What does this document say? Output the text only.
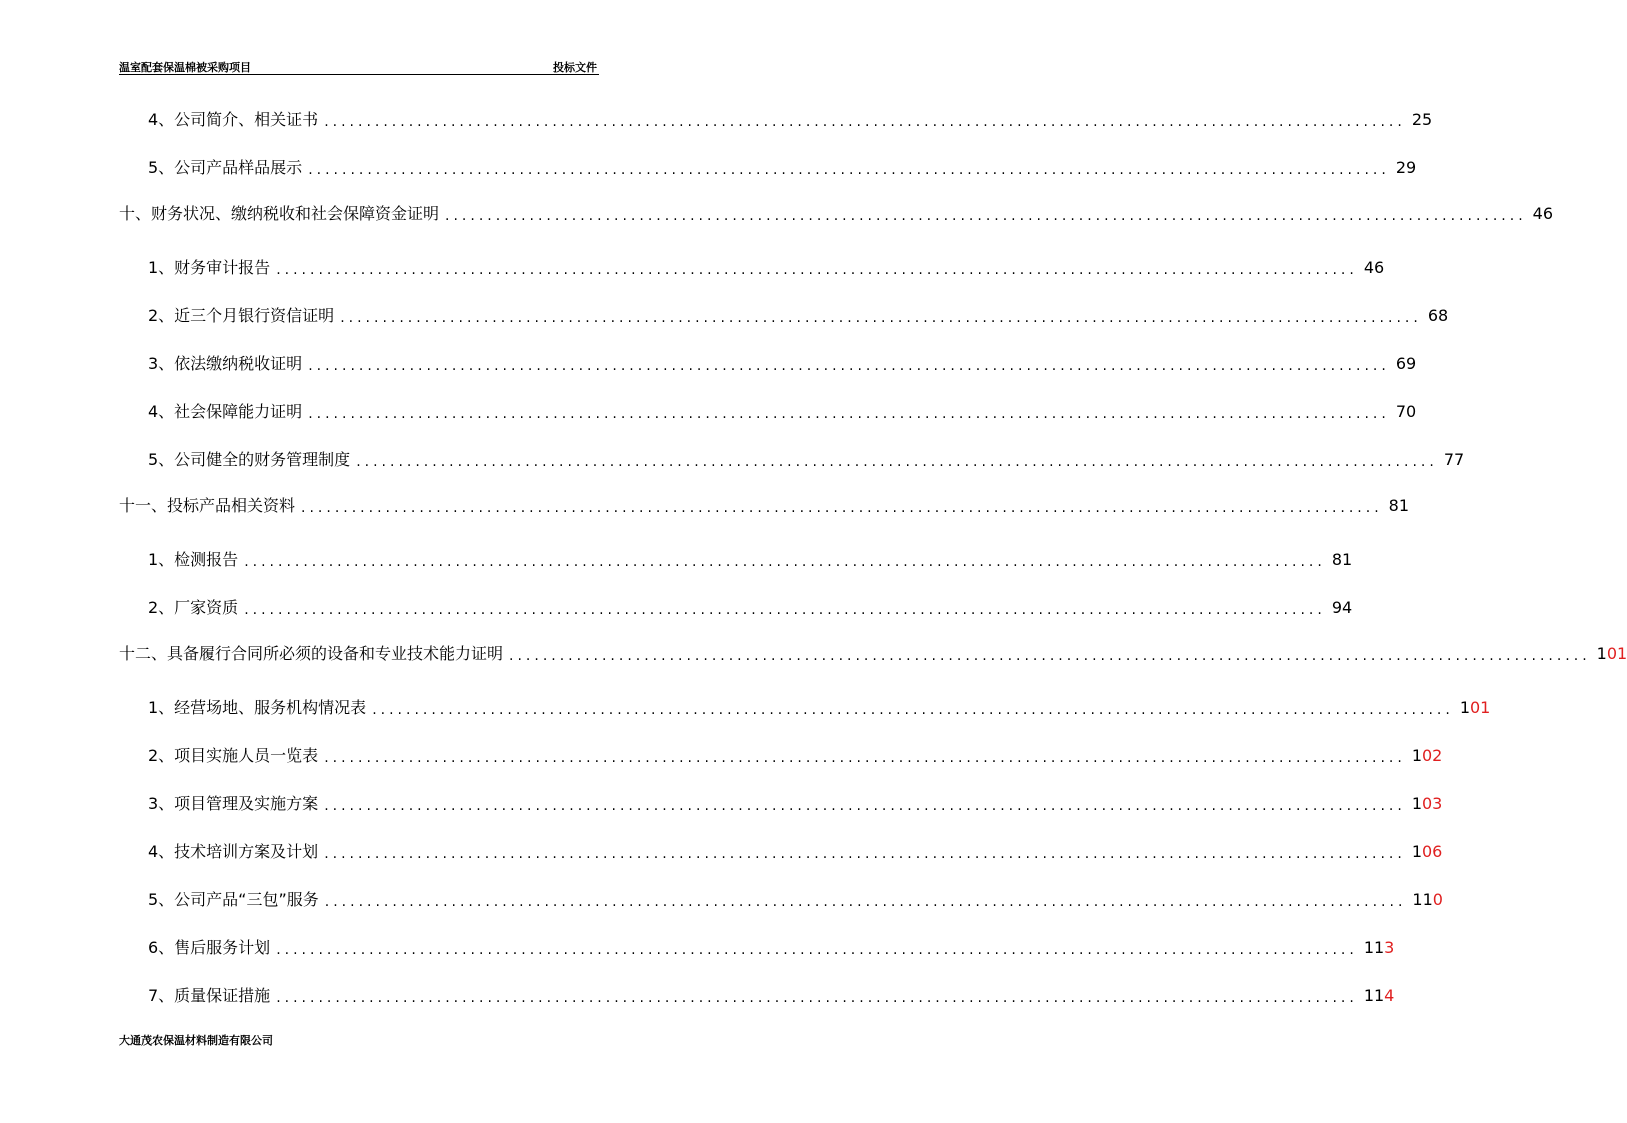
温室配套保温棉被采购项目	投标文件
4、公司简介、相关证书 .....	25
5、公司产品样品展示 .....	29
十、财务状况、缴纳税收和社会保障资金证明 .....	46
1、财务审计报告 .....	46
2、近三个月银行资信证明 .....	68
3、依法缴纳税收证明 .....	69
4、社会保障能力证明 .....	70
5、公司健全的财务管理制度 .....	77
十一、投标产品相关资料 .....	81
1、检测报告 .....	81
2、厂家资质 .....	94
十二、具备履行合同所必须的设备和专业技术能力证明 .....	101
1、经营场地、服务机构情况表 .....	101
2、项目实施人员一览表 .....	102
3、项目管理及实施方案 .....	103
4、技术培训方案及计划 .....	106
5、公司产品“三包”服务 .....	110
6、售后服务计划 .....	113
7、质量保证措施 .....	114
大通茂农保温材料制造有限公司
